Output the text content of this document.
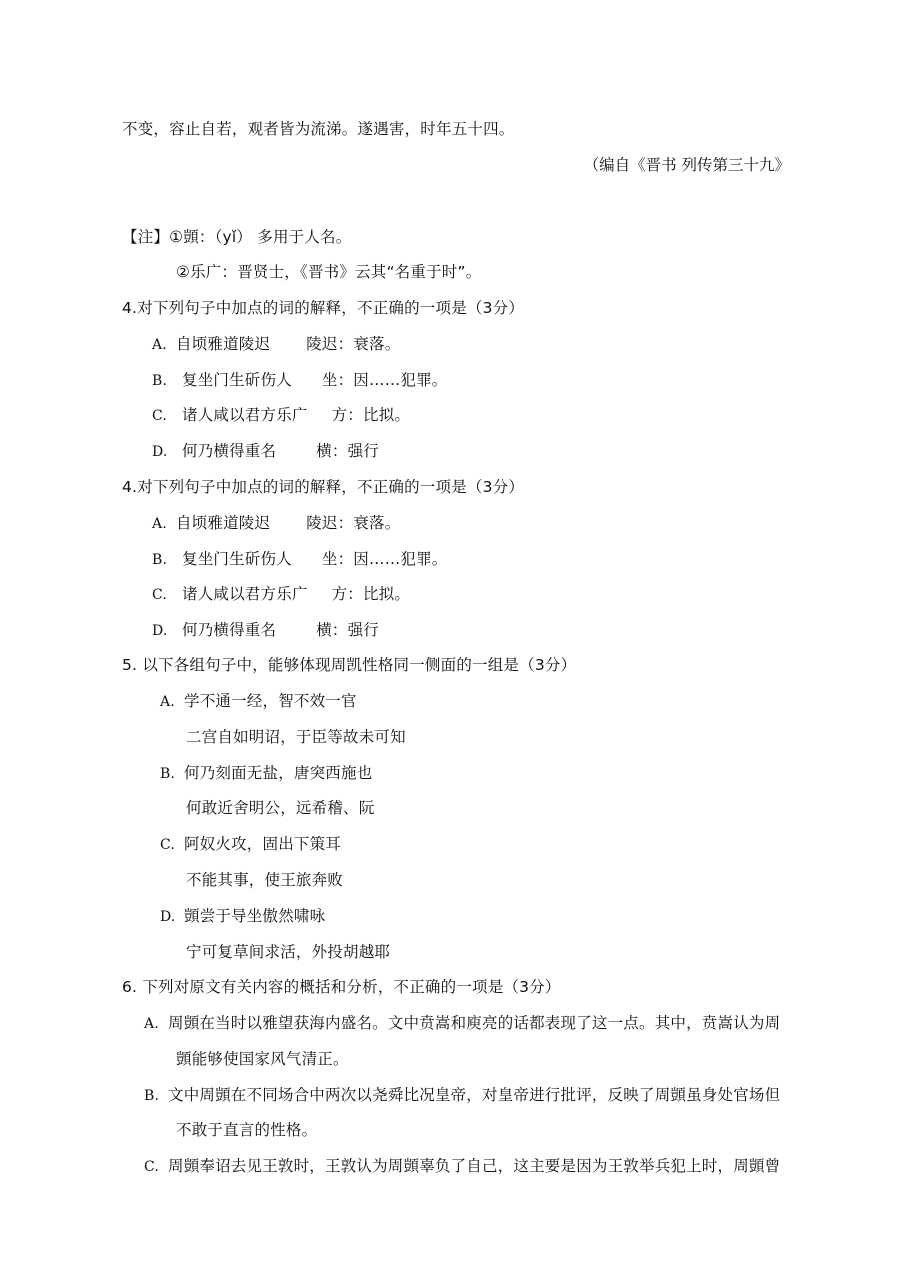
不变，容止自若，观者皆为流涕。遂遇害，时年五十四。
（编自《晋书 列传第三十九》
【注】①顗：（yǐ） 多用于人名。
②乐广：晋贤士，《晋书》云其“名重于时”。
4.对下列句子中加点的词的解释，不正确的一项是（3分）
A. 自顷雅道陵迟 陵迟：衰落。
B. 复坐门生斫伤人 坐：因……犯罪。
C. 诸人咸以君方乐广 方：比拟。
D. 何乃横得重名	横：强行
4.对下列句子中加点的词的解释，不正确的一项是（3分）
A. 自顷雅道陵迟 陵迟：衰落。
B. 复坐门生斫伤人 坐：因……犯罪。
C. 诸人咸以君方乐广 方：比拟。
D. 何乃横得重名	横：强行
5. 以下各组句子中，能够体现周凯性格同一侧面的一组是（3分）
A. 学不通一经，智不效一官
二宫自如明诏，于臣等故未可知
B. 何乃刻面无盐，唐突西施也
何敢近舍明公，远希稽、阮
C. 阿奴火攻，固出下策耳
不能其事，使王旅奔败
D. 顗尝于导坐傲然啸咏
宁可复草间求活，外投胡越耶
6. 下列对原文有关内容的概括和分析，不正确的一项是（3分）
A. 周顗在当时以雅望获海内盛名。文中贲嵩和庾亮的话都表现了这一点。其中，贲嵩认为周
顗能够使国家风气清正。
B. 文中周顗在不同场合中两次以尧舜比况皇帝，对皇帝进行批评，反映了周顗虽身处官场但
不敢于直言的性格。
C. 周顗奉诏去见王敦时，王敦认为周顗辜负了自己，这主要是因为王敦举兵犯上时，周顗曾
